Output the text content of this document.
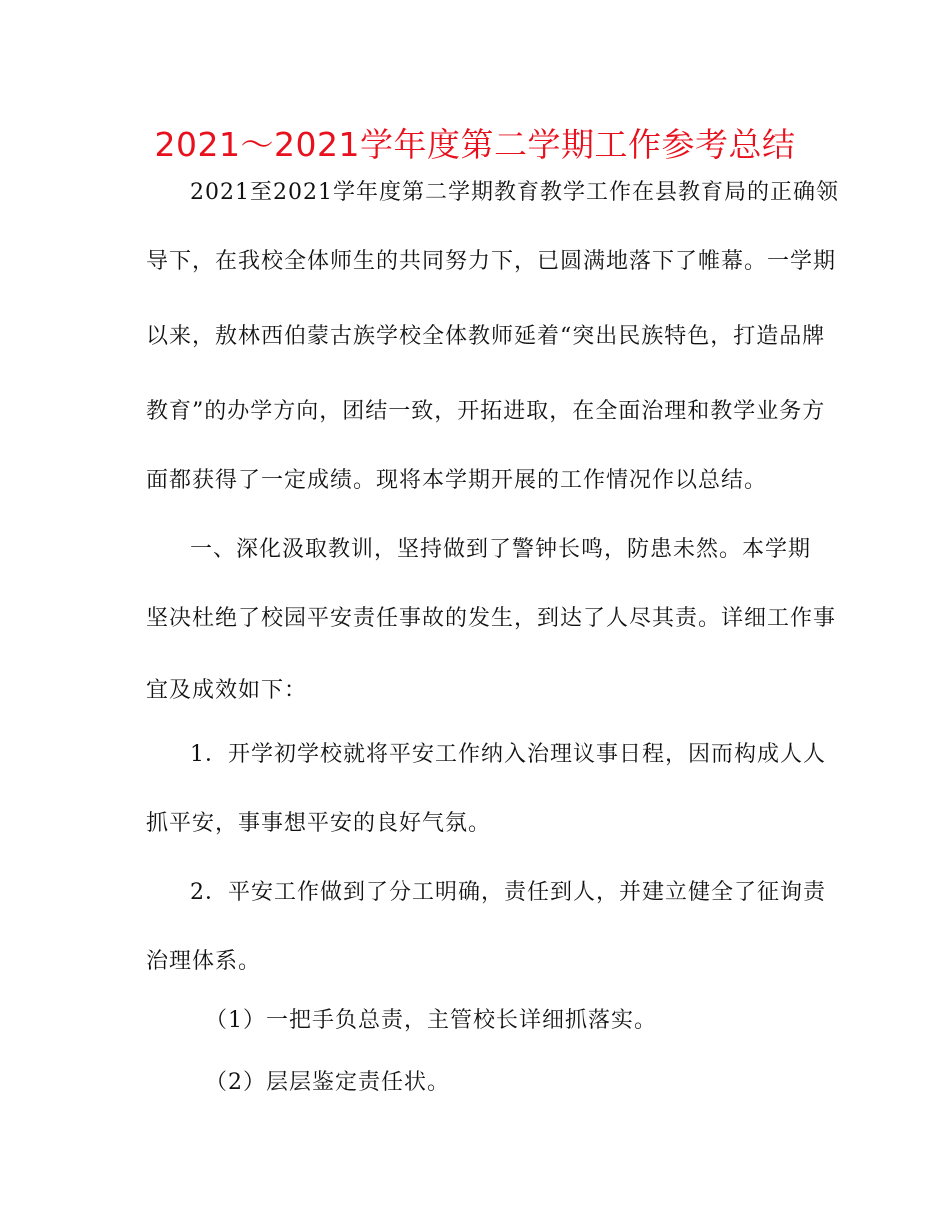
2021～2021学年度第二学期工作参考总结
2021至2021学年度第二学期教育教学工作在县教育局的正确领
导下，在我校全体师生的共同努力下，已圆满地落下了帷幕。一学期
以来，敖林西伯蒙古族学校全体教师延着“突出民族特色，打造品牌
教育”的办学方向，团结一致，开拓进取，在全面治理和教学业务方
面都获得了一定成绩。现将本学期开展的工作情况作以总结。
一、深化汲取教训，坚持做到了警钟长鸣，防患未然。本学期
坚决杜绝了校园平安责任事故的发生，到达了人尽其责。详细工作事
宜及成效如下：
1．开学初学校就将平安工作纳入治理议事日程，因而构成人人
抓平安，事事想平安的良好气氛。
2．平安工作做到了分工明确，责任到人，并建立健全了征询责
治理体系。
（1）一把手负总责，主管校长详细抓落实。
（2）层层鉴定责任状。
